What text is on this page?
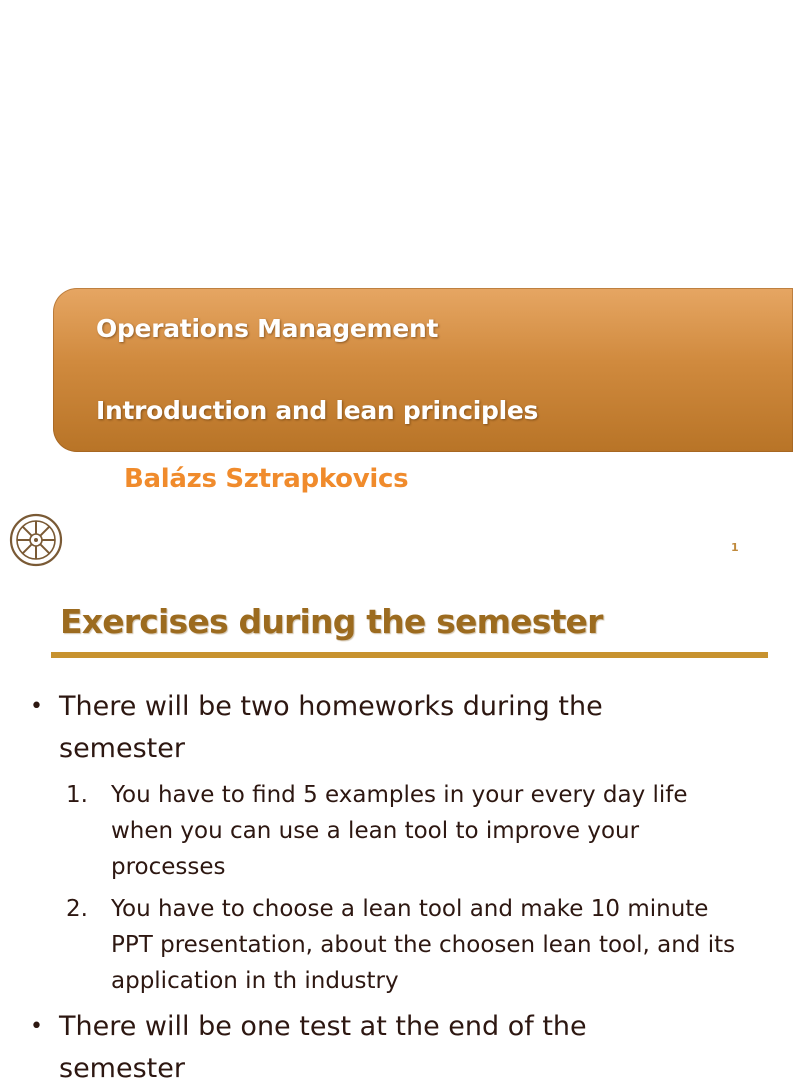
Operations Management
Introduction and lean principles
Balázs Sztrapkovics
1
Exercises during the semester
• There will be two homeworks during the semester
1.	You have to find 5 examples in your every day life when you can use a lean tool to improve your processes
2.	You have to choose a lean tool and make 10 minute PPT presentation, about the choosen lean tool, and its application in th industry
• There will be one test at the end of the semester
